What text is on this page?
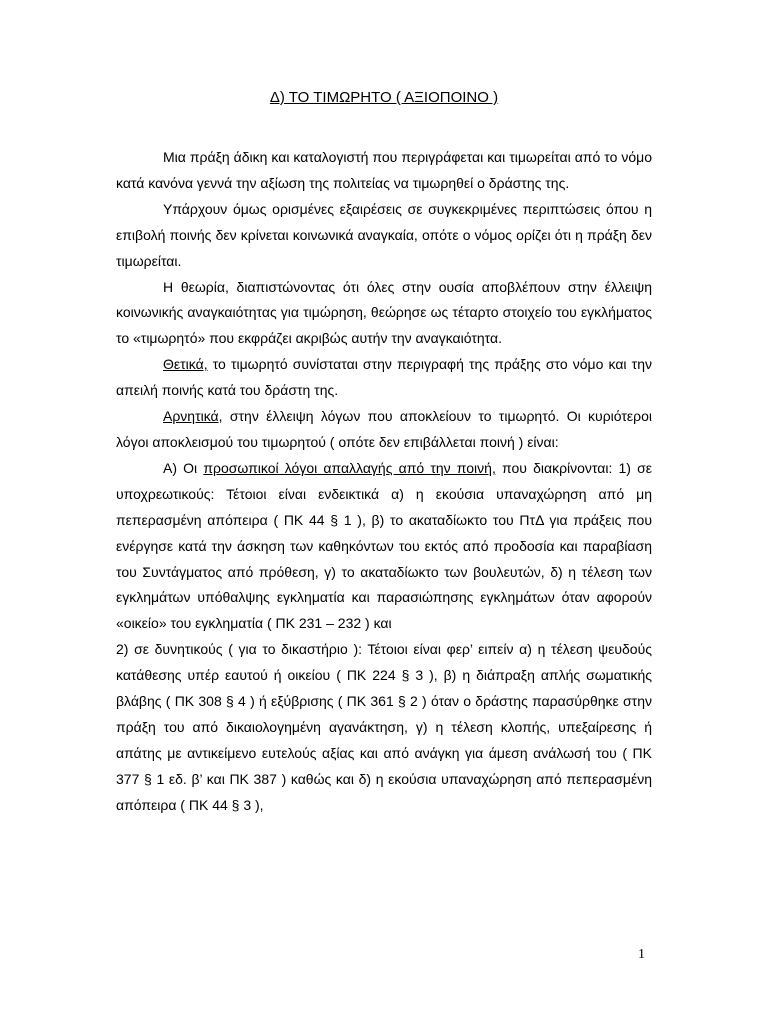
Δ) ΤΟ ΤΙΜΩΡΗΤΟ ( ΑΞΙΟΠΟΙΝΟ )

Μια πράξη άδικη και καταλογιστή που περιγράφεται και τιμωρείται από το νόμο κατά κανόνα γεννά την αξίωση της πολιτείας να τιμωρηθεί ο δράστης της.

Υπάρχουν όμως ορισμένες εξαιρέσεις σε συγκεκριμένες περιπτώσεις όπου η επιβολή ποινής δεν κρίνεται κοινωνικά αναγκαία, οπότε ο νόμος ορίζει ότι η πράξη δεν τιμωρείται.

Η θεωρία, διαπιστώνοντας ότι όλες στην ουσία αποβλέπουν στην έλλειψη κοινωνικής αναγκαιότητας για τιμώρηση, θεώρησε ως τέταρτο στοιχείο του εγκλήματος το «τιμωρητό» που εκφράζει ακριβώς αυτήν την αναγκαιότητα.

Θετικά, το τιμωρητό συνίσταται στην περιγραφή της πράξης στο νόμο και την απειλή ποινής κατά του δράστη της.

Αρνητικά, στην έλλειψη λόγων που αποκλείουν το τιμωρητό. Οι κυριότεροι λόγοι αποκλεισμού του τιμωρητού ( οπότε δεν επιβάλλεται ποινή ) είναι:

Α) Οι προσωπικοί λόγοι απαλλαγής από την ποινή, που διακρίνονται: 1) σε υποχρεωτικούς: Τέτοιοι είναι ενδεικτικά α) η εκούσια υπαναχώρηση από μη πεπερασμένη απόπειρα ( ΠΚ 44 § 1 ), β) το ακαταδίωκτο του ΠτΔ για πράξεις που ενέργησε κατά την άσκηση των καθηκόντων του εκτός από προδοσία και παραβίαση του Συντάγματος από πρόθεση, γ) το ακαταδίωκτο των βουλευτών, δ) η τέλεση των εγκλημάτων υπόθαλψης εγκληματία και παρασιώπησης εγκλημάτων όταν αφορούν «οικείο» του εγκληματία ( ΠΚ 231 – 232 ) και

2) σε δυνητικούς ( για το δικαστήριο ): Τέτοιοι είναι φερ’ ειπείν α) η τέλεση ψευδούς κατάθεσης υπέρ εαυτού ή οικείου ( ΠΚ 224 § 3 ), β) η διάπραξη απλής σωματικής βλάβης ( ΠΚ 308 § 4 ) ή εξύβρισης ( ΠΚ 361 § 2 ) όταν ο δράστης παρασύρθηκε στην πράξη του από δικαιολογημένη αγανάκτηση, γ) η τέλεση κλοπής, υπεξαίρεσης ή απάτης με αντικείμενο ευτελούς αξίας και από ανάγκη για άμεση ανάλωσή του ( ΠΚ 377 § 1 εδ. β’ και ΠΚ 387 ) καθώς και δ) η εκούσια υπαναχώρηση από πεπερασμένη απόπειρα ( ΠΚ 44 § 3 ),

1
